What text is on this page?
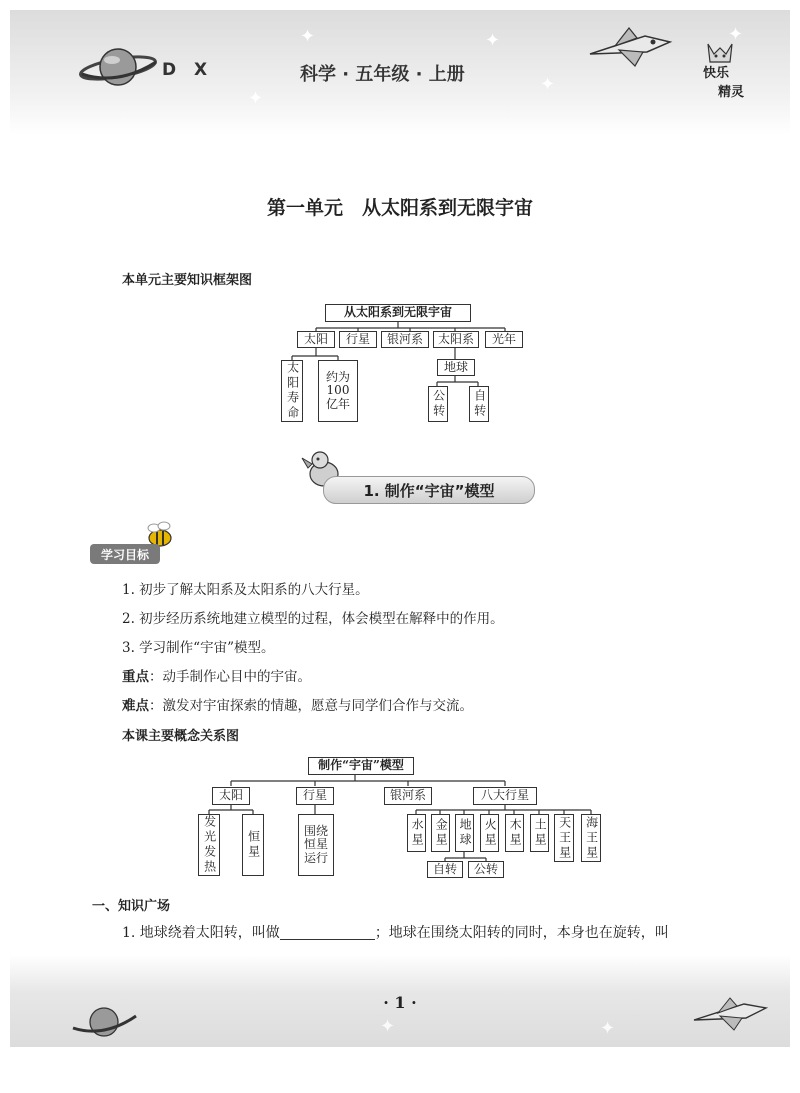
✦	✦
✦
✦
✦
D X	科学 · 五年级 · 上册	快乐
精灵
第一单元　从太阳系到无限宇宙
本单元主要知识框架图
从太阳系到无限宇宙
太阳	行星	银河系	太阳系	光年
太阳寿命	约为100亿年
地球
公转 自转
1. 制作“宇宙”模型
学习目标
1. 初步了解太阳系及太阳系的八大行星。
2. 初步经历系统地建立模型的过程，体会模型在解释中的作用。
3. 学习制作“宇宙”模型。
重点：动手制作心目中的宇宙。
难点：激发对宇宙探索的情趣，愿意与同学们合作与交流。
本课主要概念关系图
制作“宇宙”模型
太阳	行星	银河系	八大行星
发光发热	恒星	围绕恒星运行
水星 金星 地球 火星 木星 土星 天王星 海王星
自转	公转
一、知识广场
1. 地球绕着太阳转，叫做	；地球在围绕太阳转的同时，本身也在旋转，叫
· 1 ·
✦	✦
